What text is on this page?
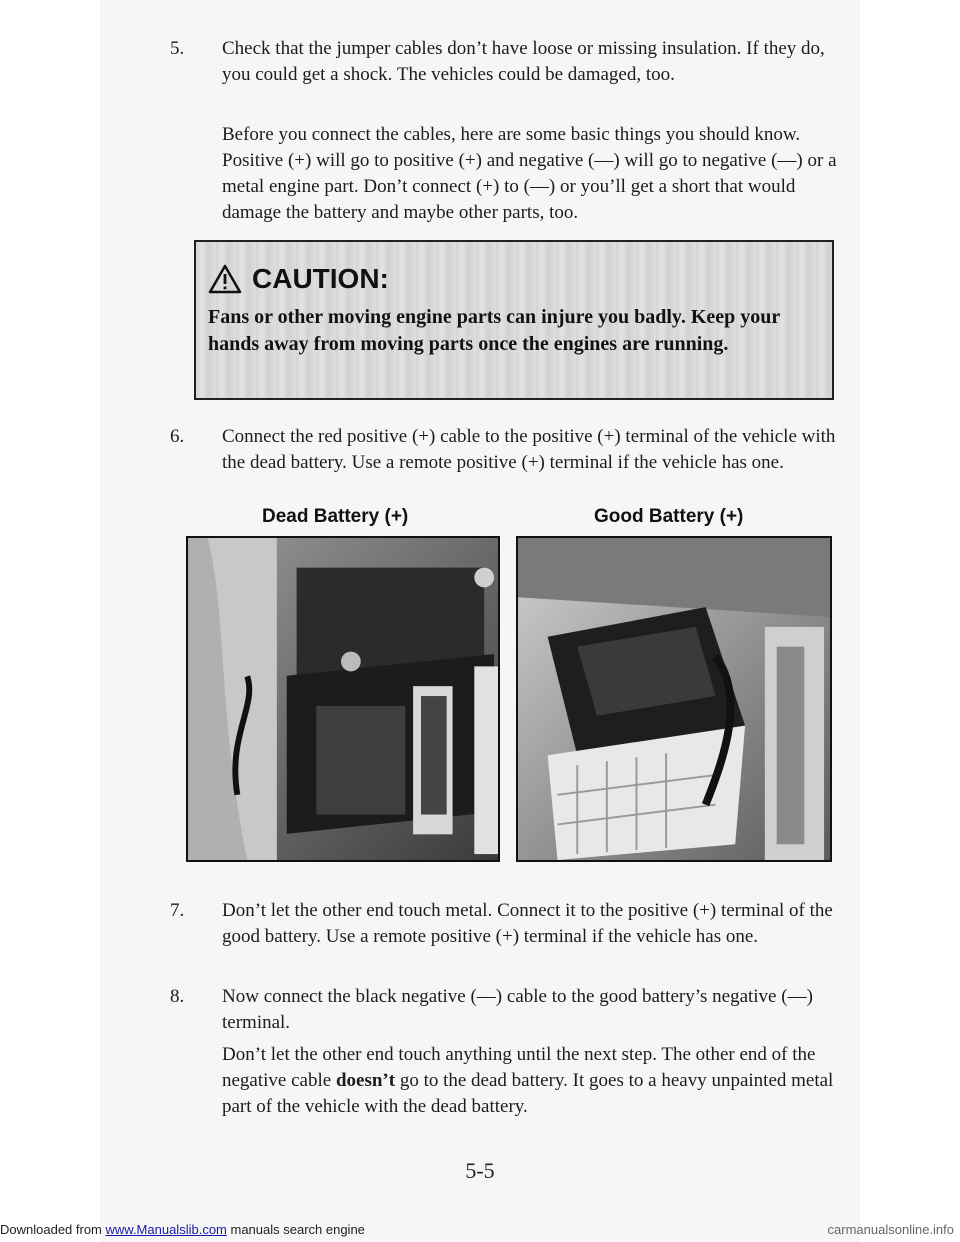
5. Check that the jumper cables don’t have loose or missing insulation. If they do, you could get a shock. The vehicles could be damaged, too.
Before you connect the cables, here are some basic things you should know. Positive (+) will go to positive (+) and negative (—) will go to negative (—) or a metal engine part. Don’t connect (+) to (—) or you’ll get a short that would damage the battery and maybe other parts, too.
CAUTION:
Fans or other moving engine parts can injure you badly. Keep your hands away from moving parts once the engines are running.
6. Connect the red positive (+) cable to the positive (+) terminal of the vehicle with the dead battery. Use a remote positive (+) terminal if the vehicle has one.
Dead Battery (+)	Good Battery (+)
7. Don’t let the other end touch metal. Connect it to the positive (+) terminal of the good battery. Use a remote positive (+) terminal if the vehicle has one.
8. Now connect the black negative (—) cable to the good battery’s negative (—) terminal.
Don’t let the other end touch anything until the next step. The other end of the negative cable doesn’t go to the dead battery. It goes to a heavy unpainted metal part of the vehicle with the dead battery.
5-5
Downloaded from www.Manualslib.com manuals search engine	carmanualsonline.info
